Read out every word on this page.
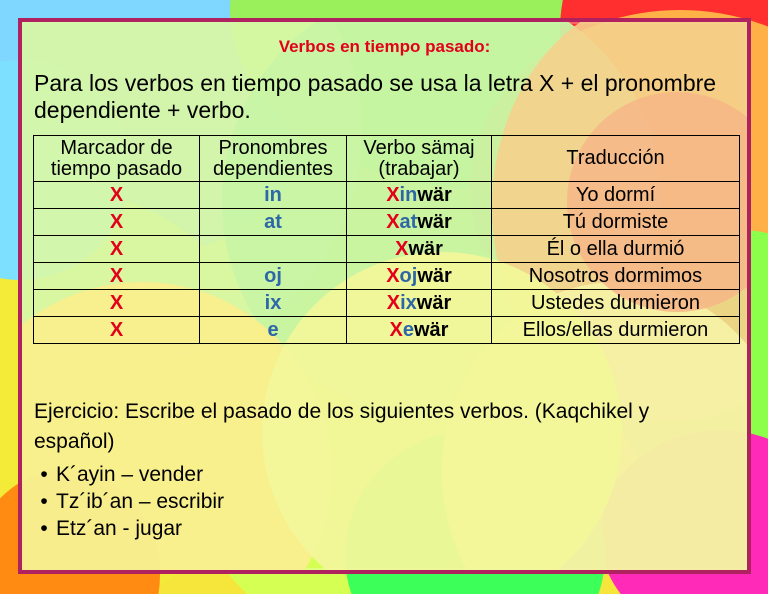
Verbos en tiempo pasado:
Para los verbos en tiempo pasado se usa la letra X + el pronombre dependiente + verbo.
Marcador de tiempo pasado	Pronombres dependientes	Verbo sämaj (trabajar)	Traducción
X	in	Xinwär	Yo dormí
X	at	Xatwär	Tú dormiste
X		Xwär	Él o ella durmió
X	oj	Xojwär	Nosotros dormimos
X	ix	Xixwär	Ustedes durmieron
X	e	Xewär	Ellos/ellas durmieron
Ejercicio: Escribe el pasado de los siguientes verbos. (Kaqchikel y español)
• K´ayin – vender
• Tz´ib´an – escribir
• Etz´an - jugar
